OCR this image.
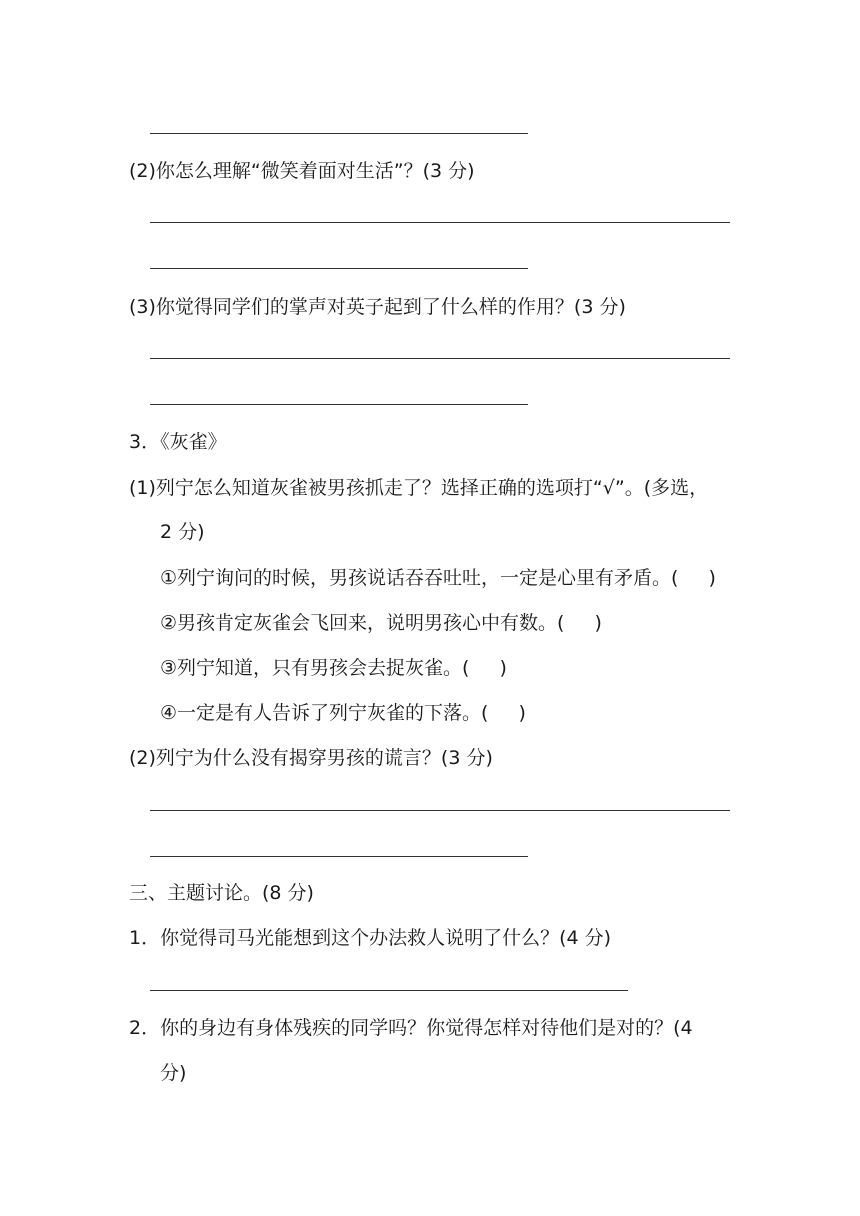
(2)你怎么理解“微笑着面对生活”？(3 分)
(3)你觉得同学们的掌声对英子起到了什么样的作用？(3 分)
3．《灰雀》
(1)列宁怎么知道灰雀被男孩抓走了？选择正确的选项打“√”。(多选，
2 分)
①列宁询问的时候，男孩说话吞吞吐吐，一定是心里有矛盾。( )
②男孩肯定灰雀会飞回来，说明男孩心中有数。( )
③列宁知道，只有男孩会去捉灰雀。( )
④一定是有人告诉了列宁灰雀的下落。( )
(2)列宁为什么没有揭穿男孩的谎言？(3 分)
三、主题讨论。(8 分)
1．你觉得司马光能想到这个办法救人说明了什么？(4 分)
2．你的身边有身体残疾的同学吗？你觉得怎样对待他们是对的？(4
分)
